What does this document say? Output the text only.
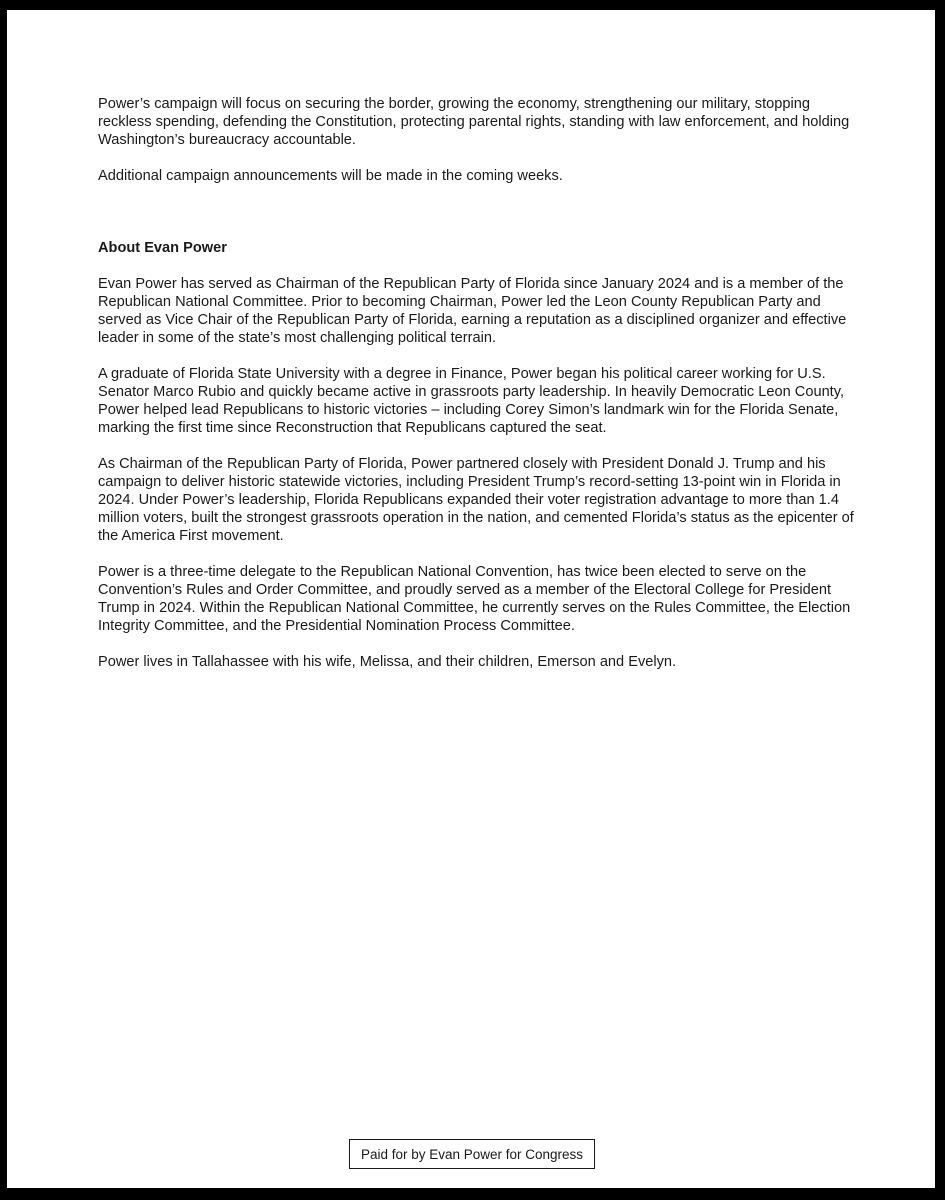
Power’s campaign will focus on securing the border, growing the economy, strengthening our military, stopping reckless spending, defending the Constitution, protecting parental rights, standing with law enforcement, and holding Washington’s bureaucracy accountable.

Additional campaign announcements will be made in the coming weeks.

About Evan Power

Evan Power has served as Chairman of the Republican Party of Florida since January 2024 and is a member of the Republican National Committee. Prior to becoming Chairman, Power led the Leon County Republican Party and served as Vice Chair of the Republican Party of Florida, earning a reputation as a disciplined organizer and effective leader in some of the state’s most challenging political terrain.

A graduate of Florida State University with a degree in Finance, Power began his political career working for U.S. Senator Marco Rubio and quickly became active in grassroots party leadership. In heavily Democratic Leon County, Power helped lead Republicans to historic victories – including Corey Simon’s landmark win for the Florida Senate, marking the first time since Reconstruction that Republicans captured the seat.

As Chairman of the Republican Party of Florida, Power partnered closely with President Donald J. Trump and his campaign to deliver historic statewide victories, including President Trump’s record-setting 13-point win in Florida in 2024. Under Power’s leadership, Florida Republicans expanded their voter registration advantage to more than 1.4 million voters, built the strongest grassroots operation in the nation, and cemented Florida’s status as the epicenter of the America First movement.

Power is a three-time delegate to the Republican National Convention, has twice been elected to serve on the Convention’s Rules and Order Committee, and proudly served as a member of the Electoral College for President Trump in 2024. Within the Republican National Committee, he currently serves on the Rules Committee, the Election Integrity Committee, and the Presidential Nomination Process Committee.

Power lives in Tallahassee with his wife, Melissa, and their children, Emerson and Evelyn.

Paid for by Evan Power for Congress
